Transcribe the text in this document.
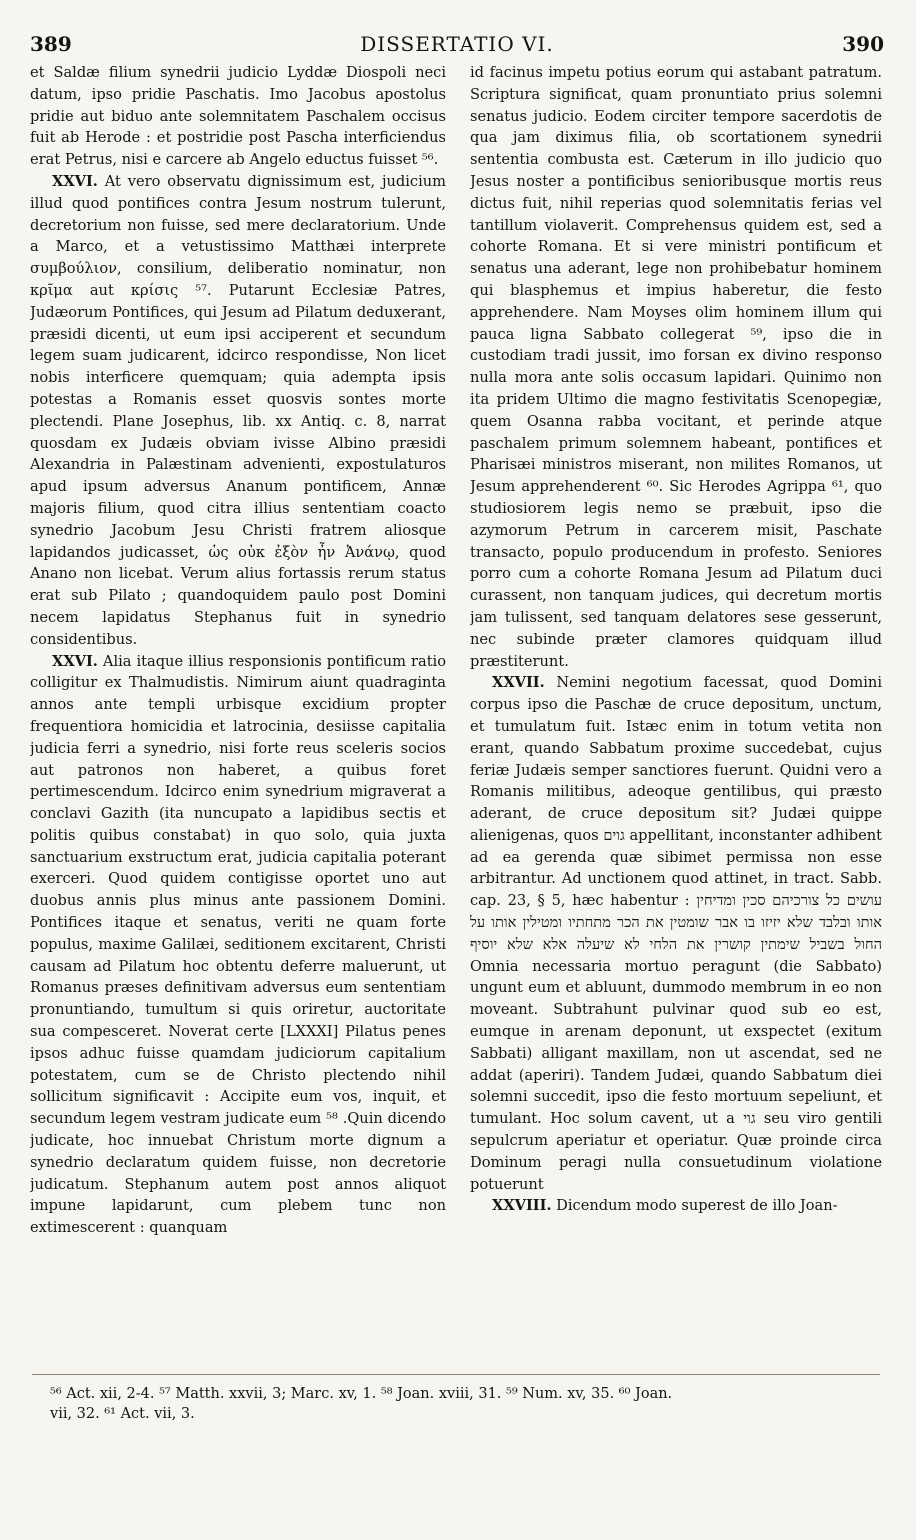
389	DISSERTATIO VI.	390

et Saldæ filium synedrii judicio Lyddæ Diospoli neci datum, ipso pridie Paschatis. Imo Jacobus apostolus pridie aut biduo ante solemnitatem Paschalem occisus fuit ab Herode : et postridie post Pascha interficiendus erat Petrus, nisi e carcere ab Angelo eductus fuisset ⁵⁶.

XXVI. At vero observatu dignissimum est, judicium illud quod pontifices contra Jesum nostrum tulerunt, decretorium non fuisse, sed mere declaratorium. Unde a Marco, et a vetustissimo Matthæi interprete συμβούλιον, consilium, deliberatio nominatur, non κρῖμα aut κρίσις ⁵⁷. Putarunt Ecclesiæ Patres, Judæorum Pontifices, qui Jesum ad Pilatum deduxerant, præsidi dicenti, ut eum ipsi acciperent et secundum legem suam judicarent, idcirco respondisse, Non licet nobis interficere quemquam; quia adempta ipsis potestas a Romanis esset quosvis sontes morte plectendi. Plane Josephus, lib. xx Antiq. c. 8, narrat quosdam ex Judæis obviam ivisse Albino præsidi Alexandria in Palæstinam advenienti, expostulaturos apud ipsum adversus Ananum pontificem, Annæ majoris filium, quod citra illius sententiam coacto synedrio Jacobum Jesu Christi fratrem aliosque lapidandos judicasset, ὡς οὐκ ἐξὸν ἦν Ἀνάνῳ, quod Anano non licebat. Verum alius fortassis rerum status erat sub Pilato ; quandoquidem paulo post Domini necem lapidatus Stephanus fuit in synedrio considentibus.

XXVI. Alia itaque illius responsionis pontificum ratio colligitur ex Thalmudistis. Nimirum aiunt quadraginta annos ante templi urbisque excidium propter frequentiora homicidia et latrocinia, desiisse capitalia judicia ferri a synedrio, nisi forte reus sceleris socios aut patronos non haberet, a quibus foret pertimescendum. Idcirco enim synedrium migraverat a conclavi Gazith (ita nuncupato a lapidibus sectis et politis quibus constabat) in quo solo, quia juxta sanctuarium exstructum erat, judicia capitalia poterant exerceri. Quod quidem contigisse oportet uno aut duobus annis plus minus ante passionem Domini. Pontifices itaque et senatus, veriti ne quam forte populus, maxime Galilæi, seditionem excitarent, Christi causam ad Pilatum hoc obtentu deferre maluerunt, ut Romanus præses definitivam adversus eum sententiam pronuntiando, tumultum si quis oriretur, auctoritate sua compesceret. Noverat certe [LXXXI] Pilatus penes ipsos adhuc fuisse quamdam judiciorum capitalium potestatem, cum se de Christo plectendo nihil sollicitum significavit : Accipite eum vos, inquit, et secundum legem vestram judicate eum ⁵⁸ .Quin dicendo judicate, hoc innuebat Christum morte dignum a synedrio declaratum quidem fuisse, non decretorie judicatum. Stephanum autem post annos aliquot impune lapidarunt, cum plebem tunc non extimescerent : quanquam

id facinus impetu potius eorum qui astabant patratum. Scriptura significat, quam pronuntiato prius solemni senatus judicio. Eodem circiter tempore sacerdotis de qua jam diximus filia, ob scortationem synedrii sententia combusta est. Cæterum in illo judicio quo Jesus noster a pontificibus senioribusque mortis reus dictus fuit, nihil reperias quod solemnitatis ferias vel tantillum violaverit. Comprehensus quidem est, sed a cohorte Romana. Et si vere ministri pontificum et senatus una aderant, lege non prohibebatur hominem qui blasphemus et impius haberetur, die festo apprehendere. Nam Moyses olim hominem illum qui pauca ligna Sabbato collegerat ⁵⁹, ipso die in custodiam tradi jussit, imo forsan ex divino responso nulla mora ante solis occasum lapidari. Quinimo non ita pridem Ultimo die magno festivitatis Scenopegiæ, quem Osanna rabba vocitant, et perinde atque paschalem primum solemnem habeant, pontifices et Pharisæi ministros miserant, non milites Romanos, ut Jesum apprehenderent ⁶⁰. Sic Herodes Agrippa ⁶¹, quo studiosiorem legis nemo se præbuit, ipso die azymorum Petrum in carcerem misit, Paschate transacto, populo producendum in profesto. Seniores porro cum a cohorte Romana Jesum ad Pilatum duci curassent, non tanquam judices, qui decretum mortis jam tulissent, sed tanquam delatores sese gesserunt, nec subinde præter clamores quidquam illud præstiterunt.

XXVII. Nemini negotium facessat, quod Domini corpus ipso die Paschæ de cruce depositum, unctum, et tumulatum fuit. Istæc enim in totum vetita non erant, quando Sabbatum proxime succedebat, cujus feriæ Judæis semper sanctiores fuerunt. Quidni vero a Romanis militibus, adeoque gentilibus, qui præsto aderant, de cruce depositum sit? Judæi quippe alienigenas, quos גוים appellitant, inconstanter adhibent ad ea gerenda quæ sibimet permissa non esse arbitrantur. Ad unctionem quod attinet, in tract. Sabb. cap. 23, § 5, hæc habentur : עושים כל צורכיהם סכין ומדיחין אותו ובלבד שלא יזיזו בו אבר שומטין את הכר מתחתיו ומטילין אותו על החול בשביל שימתין קושרין את הלחי לא שיעלה אלא שלא יוסיף Omnia necessaria mortuo peragunt (die Sabbato) ungunt eum et abluunt, dummodo membrum in eo non moveant. Subtrahunt pulvinar quod sub eo est, eumque in arenam deponunt, ut exspectet (exitum Sabbati) alligant maxillam, non ut ascendat, sed ne addat (aperiri). Tandem Judæi, quando Sabbatum diei solemni succedit, ipso die festo mortuum sepeliunt, et tumulant. Hoc solum cavent, ut a גוי seu viro gentili sepulcrum aperiatur et operiatur. Quæ proinde circa Dominum peragi nulla consuetudinum violatione potuerunt

XXVIII. Dicendum modo superest de illo Joan-

⁵⁶ Act. xii, 2-4. ⁵⁷ Matth. xxvii, 3; Marc. xv, 1. ⁵⁸ Joan. xviii, 31. ⁵⁹ Num. xv, 35. ⁶⁰ Joan.
vii, 32. ⁶¹ Act. vii, 3.
